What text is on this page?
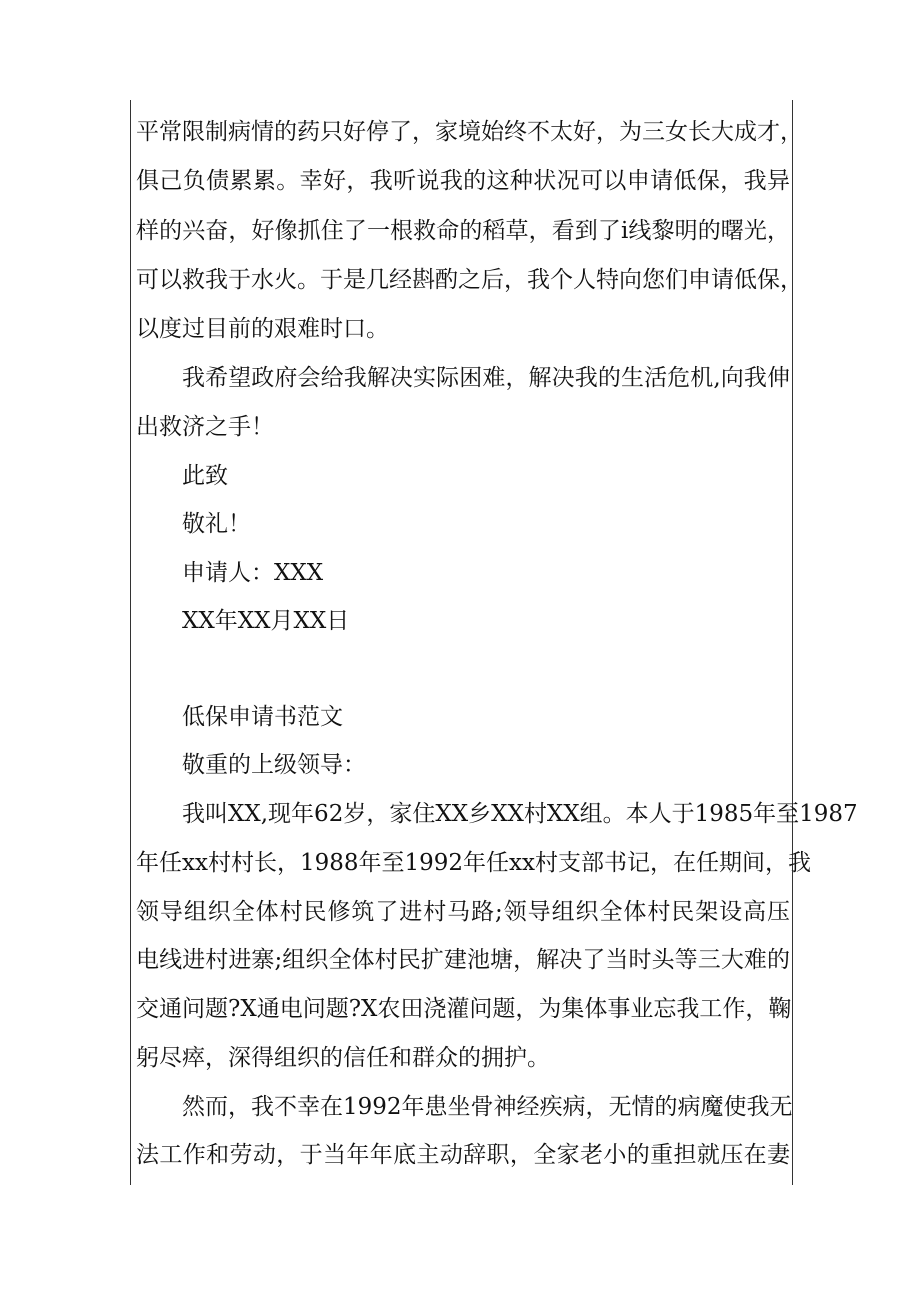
平常限制病情的药只好停了，家境始终不太好，为三女长大成才，
俱己负债累累。幸好，我听说我的这种状况可以申请低保，我异
样的兴奋，好像抓住了一根救命的稻草，看到了i线黎明的曙光，
可以救我于水火。于是几经斟酌之后，我个人特向您们申请低保，
以度过目前的艰难时口。
我希望政府会给我解决实际困难，解决我的生活危机,向我伸
出救济之手！
此致
敬礼！
申请人：XXX
XX年XX月XX日
低保申请书范文
敬重的上级领导：
我叫XX,现年62岁，家住XX乡XX村XX组。本人于1985年至1987
年任xx村村长，1988年至1992年任xx村支部书记，在任期间，我
领导组织全体村民修筑了进村马路;领导组织全体村民架设高压
电线进村进寨;组织全体村民扩建池塘，解决了当时头等三大难的
交通问题?X通电问题?X农田浇灌问题，为集体事业忘我工作，鞠
躬尽瘁，深得组织的信任和群众的拥护。
然而，我不幸在1992年患坐骨神经疾病，无情的病魔使我无
法工作和劳动，于当年年底主动辞职，全家老小的重担就压在妻
